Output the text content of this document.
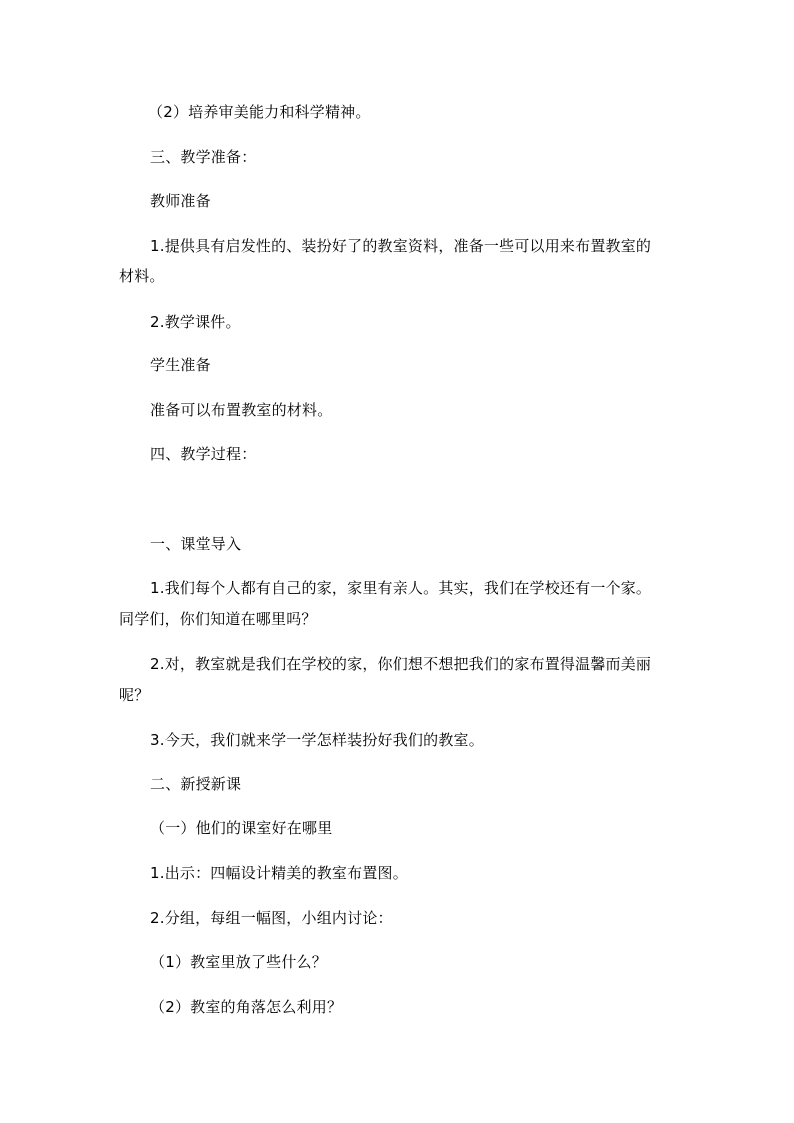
（2）培养审美能力和科学精神。
三、教学准备：
教师准备
1.提供具有启发性的、装扮好了的教室资料，准备一些可以用来布置教室的
材料。
2.教学课件。
学生准备
准备可以布置教室的材料。
四、教学过程：
一、课堂导入
1.我们每个人都有自己的家，家里有亲人。其实，我们在学校还有一个家。
同学们，你们知道在哪里吗？
2.对，教室就是我们在学校的家，你们想不想把我们的家布置得温馨而美丽
呢？
3.今天，我们就来学一学怎样装扮好我们的教室。
二、新授新课
（一）他们的课室好在哪里
1.出示：四幅设计精美的教室布置图。
2.分组，每组一幅图，小组内讨论：
（1）教室里放了些什么？
（2）教室的角落怎么利用？
